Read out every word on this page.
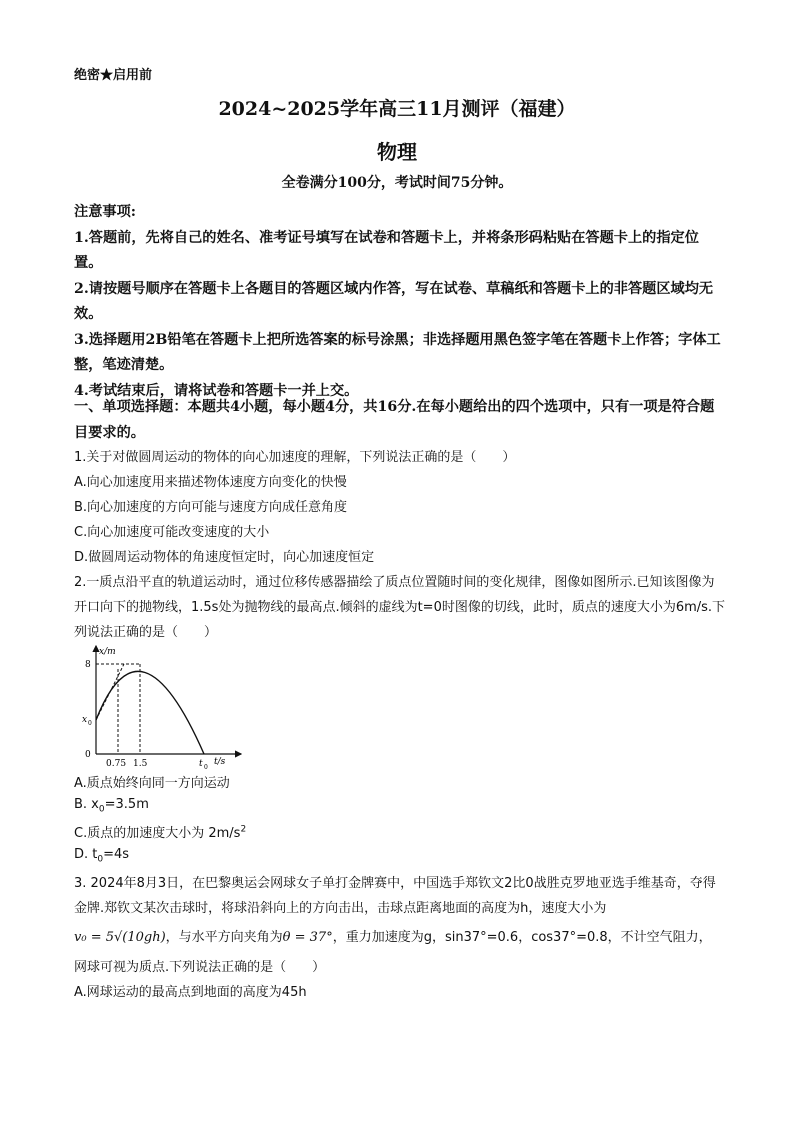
绝密★启用前
2024~2025学年高三11月测评（福建）
物理
全卷满分100分，考试时间75分钟。

注意事项:

1.答题前，先将自己的姓名、准考证号填写在试卷和答题卡上，并将条形码粘贴在答题卡上的指定位置。

2.请按题号顺序在答题卡上各题目的答题区域内作答，写在试卷、草稿纸和答题卡上的非答题区域均无效。

3.选择题用2B铅笔在答题卡上把所选答案的标号涂黑；非选择题用黑色签字笔在答题卡上作答；字体工整，笔迹清楚。

4.考试结束后，请将试卷和答题卡一并上交。

一、单项选择题：本题共4小题，每小题4分，共16分.在每小题给出的四个选项中，只有一项是符合题目要求的。

1.关于对做圆周运动的物体的向心加速度的理解，下列说法正确的是（　　）

A.向心加速度用来描述物体速度方向变化的快慢

B.向心加速度的方向可能与速度方向成任意角度

C.向心加速度可能改变速度的大小

D.做圆周运动物体的角速度恒定时，向心加速度恒定

2.一质点沿平直的轨道运动时，通过位移传感器描绘了质点位置随时间的变化规律，图像如图所示.已知该图像为开口向下的抛物线，1.5s处为抛物线的最高点.倾斜的虚线为t=0时图像的切线，此时，质点的速度大小为6m/s.下列说法正确的是（　　）
x/m
t/s
8
x 0
0
0.75 1.5	t 0
A.质点始终向同一方向运动
B. $x_0=3.5m$
C.质点的加速度大小为 $2m/s^2$
D. $t_0=4s$

3. 2024年8月3日，在巴黎奥运会网球女子单打金牌赛中，中国选手郑钦文2比0战胜克罗地亚选手维基奇，夺得金牌.郑钦文某次击球时，将球沿斜向上的方向击出，击球点距离地面的高度为h，速度大小为

v₀ = 5√(10gh)，与水平方向夹角为θ = 37°，重力加速度为g，sin37°=0.6，cos37°=0.8，不计空气阻力，

网球可视为质点.下列说法正确的是（　　）

A.网球运动的最高点到地面的高度为45h
